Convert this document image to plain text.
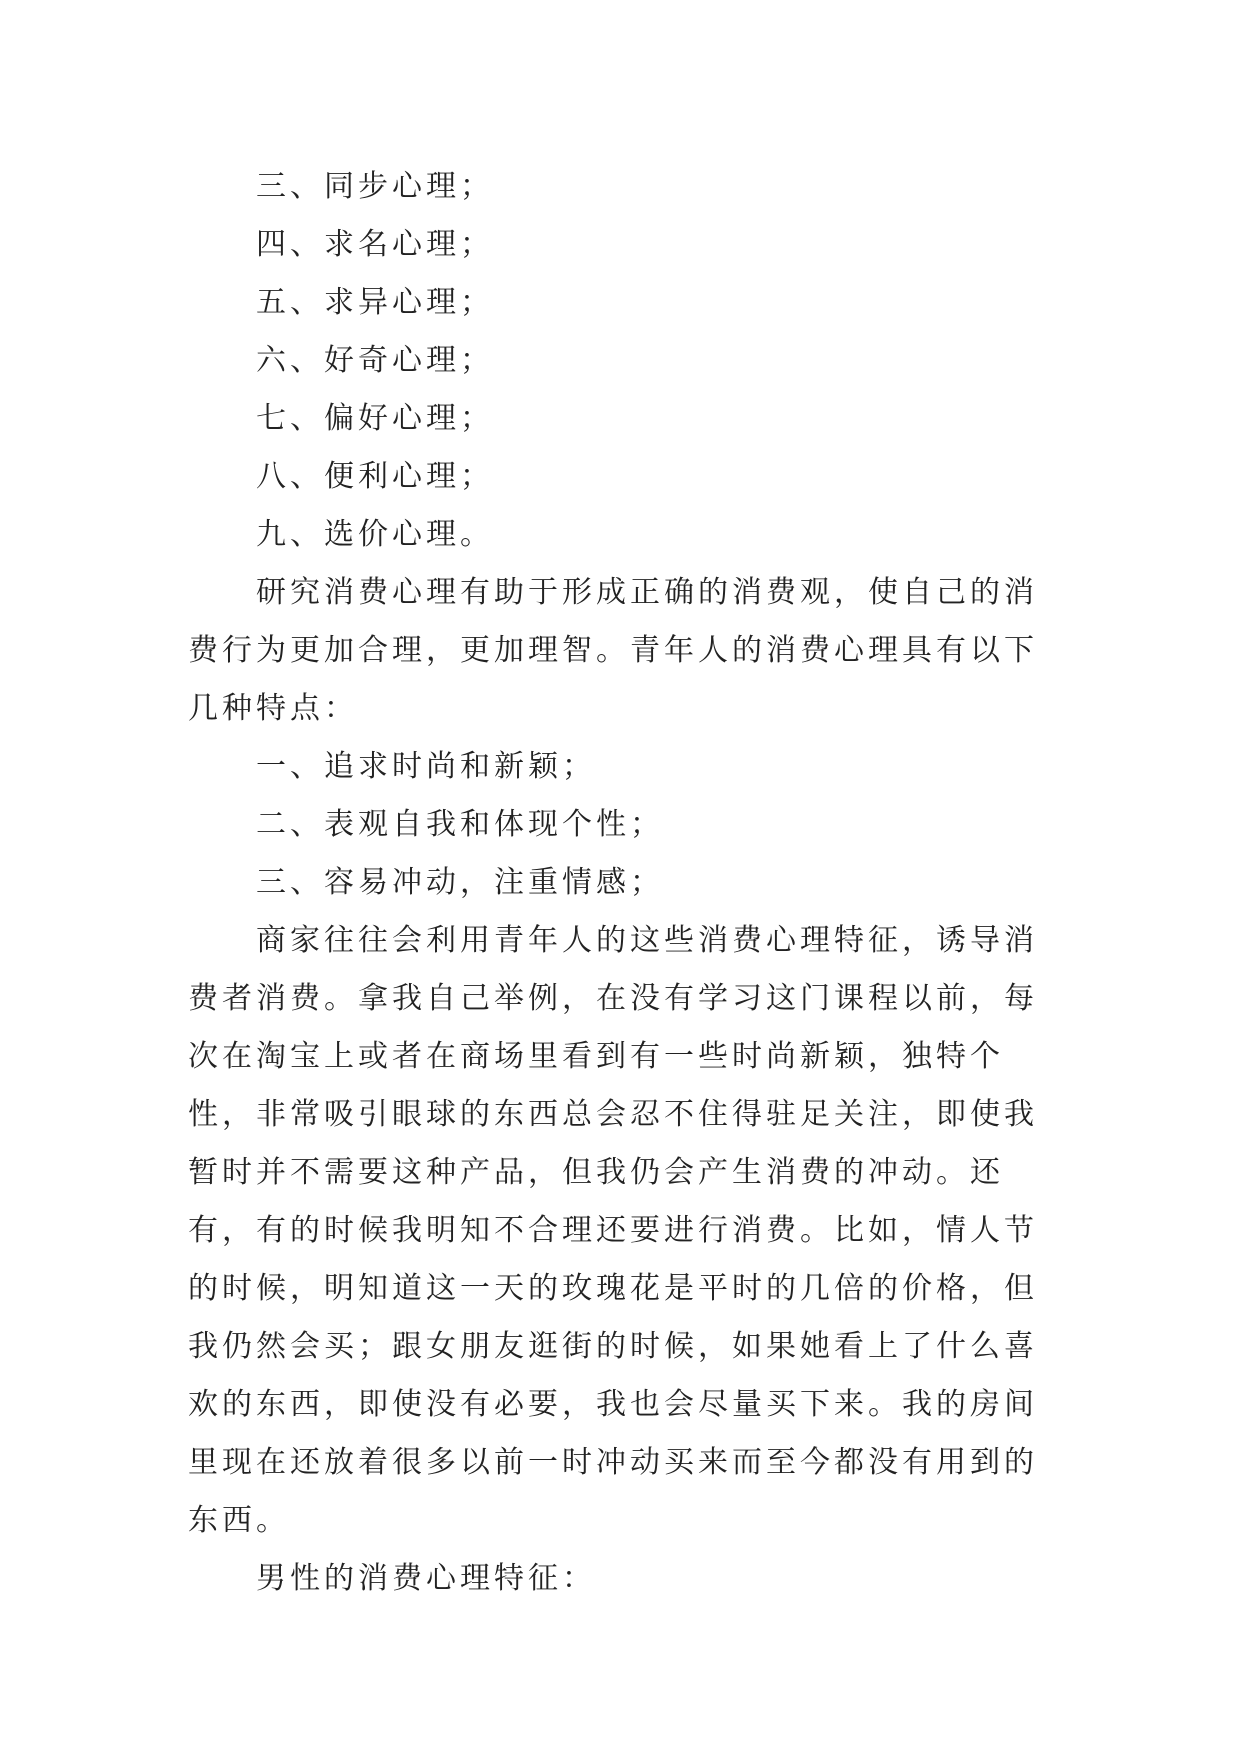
三、同步心理；

四、求名心理；

五、求异心理；

六、好奇心理；

七、偏好心理；

八、便利心理；

九、选价心理。

研究消费心理有助于形成正确的消费观，使自己的消费行为更加合理，更加理智。青年人的消费心理具有以下几种特点：

一、追求时尚和新颖；

二、表观自我和体现个性；

三、容易冲动，注重情感；

商家往往会利用青年人的这些消费心理特征，诱导消费者消费。拿我自己举例，在没有学习这门课程以前，每次在淘宝上或者在商场里看到有一些时尚新颖，独特个性，非常吸引眼球的东西总会忍不住得驻足关注，即使我暂时并不需要这种产品，但我仍会产生消费的冲动。还有，有的时候我明知不合理还要进行消费。比如，情人节的时候，明知道这一天的玫瑰花是平时的几倍的价格，但我仍然会买；跟女朋友逛街的时候，如果她看上了什么喜欢的东西，即使没有必要，我也会尽量买下来。我的房间里现在还放着很多以前一时冲动买来而至今都没有用到的东西。

男性的消费心理特征：
